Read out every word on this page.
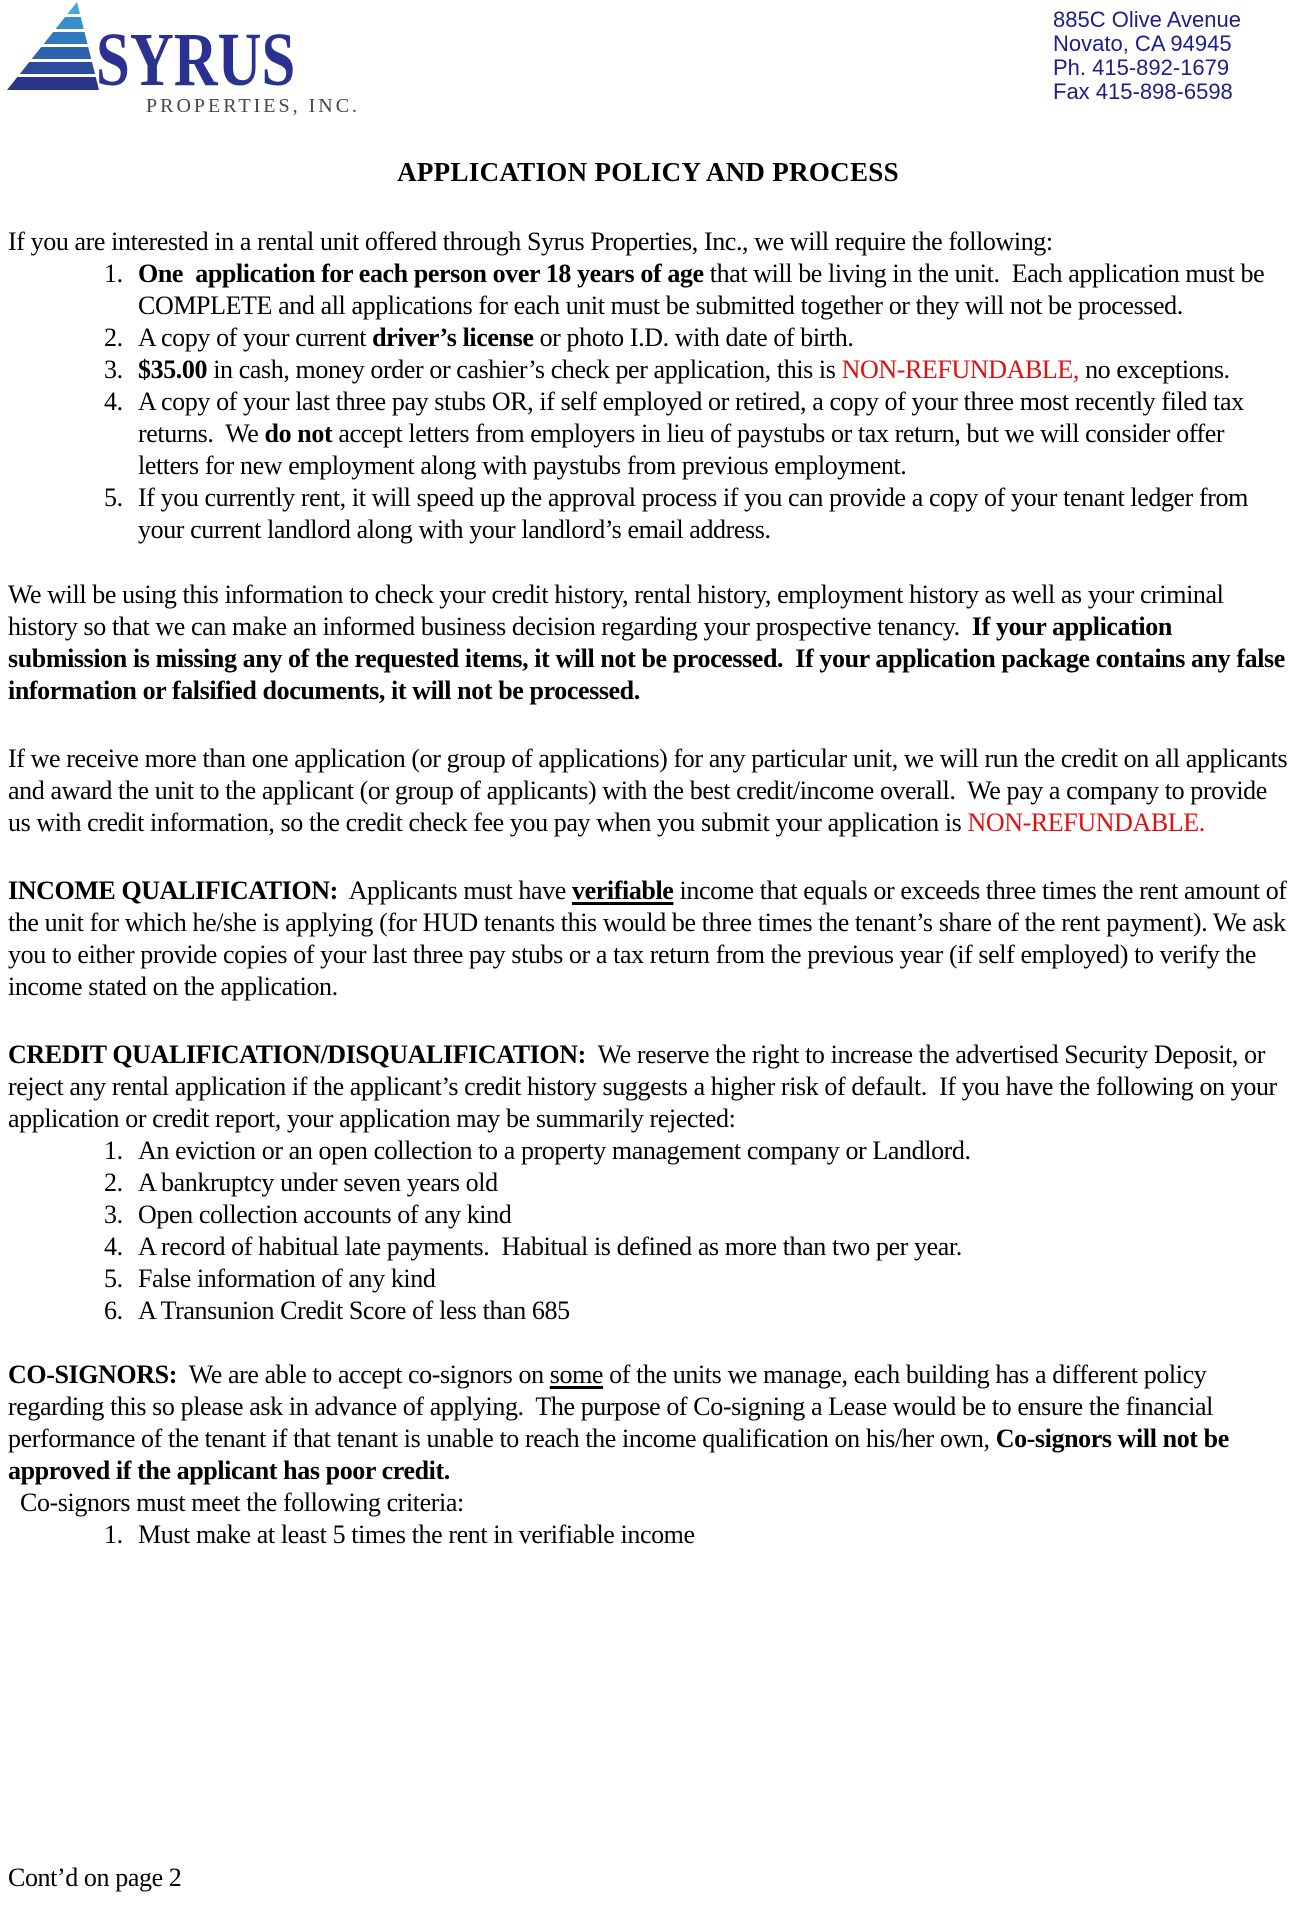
SYRUS
PROPERTIES, INC.
885C Olive Avenue
Novato, CA 94945
Ph. 415-892-1679
Fax 415-898-6598
APPLICATION POLICY AND PROCESS

If you are interested in a rental unit offered through Syrus Properties, Inc., we will require the following:

1. One  application for each person over 18 years of age that will be living in the unit.  Each application must be COMPLETE and all applications for each unit must be submitted together or they will not be processed.
2. A copy of your current driver’s license or photo I.D. with date of birth.
3. $35.00 in cash, money order or cashier’s check per application, this is NON-REFUNDABLE, no exceptions.
4. A copy of your last three pay stubs OR, if self employed or retired, a copy of your three most recently filed tax returns.  We do not accept letters from employers in lieu of paystubs or tax return, but we will consider offer letters for new employment along with paystubs from previous employment.
5. If you currently rent, it will speed up the approval process if you can provide a copy of your tenant ledger from your current landlord along with your landlord’s email address.

We will be using this information to check your credit history, rental history, employment history as well as your criminal history so that we can make an informed business decision regarding your prospective tenancy.  If your application submission is missing any of the requested items, it will not be processed.  If your application package contains any false information or falsified documents, it will not be processed.

If we receive more than one application (or group of applications) for any particular unit, we will run the credit on all applicants and award the unit to the applicant (or group of applicants) with the best credit/income overall.  We pay a company to provide us with credit information, so the credit check fee you pay when you submit your application is NON-REFUNDABLE.

INCOME QUALIFICATION:  Applicants must have verifiable income that equals or exceeds three times the rent amount of the unit for which he/she is applying (for HUD tenants this would be three times the tenant’s share of the rent payment). We ask you to either provide copies of your last three pay stubs or a tax return from the previous year (if self employed) to verify the income stated on the application.

CREDIT QUALIFICATION/DISQUALIFICATION:  We reserve the right to increase the advertised Security Deposit, or reject any rental application if the applicant’s credit history suggests a higher risk of default.  If you have the following on your application or credit report, your application may be summarily rejected:

1. An eviction or an open collection to a property management company or Landlord.
2. A bankruptcy under seven years old
3. Open collection accounts of any kind
4. A record of habitual late payments.  Habitual is defined as more than two per year.
5. False information of any kind
6. A Transunion Credit Score of less than 685

CO-SIGNORS:  We are able to accept co-signors on some of the units we manage, each building has a different policy regarding this so please ask in advance of applying.  The purpose of Co-signing a Lease would be to ensure the financial performance of the tenant if that tenant is unable to reach the income qualification on his/her own, Co-signors will not be approved if the applicant has poor credit.

Co-signors must meet the following criteria:

1. Must make at least 5 times the rent in verifiable income
Cont’d on page 2
